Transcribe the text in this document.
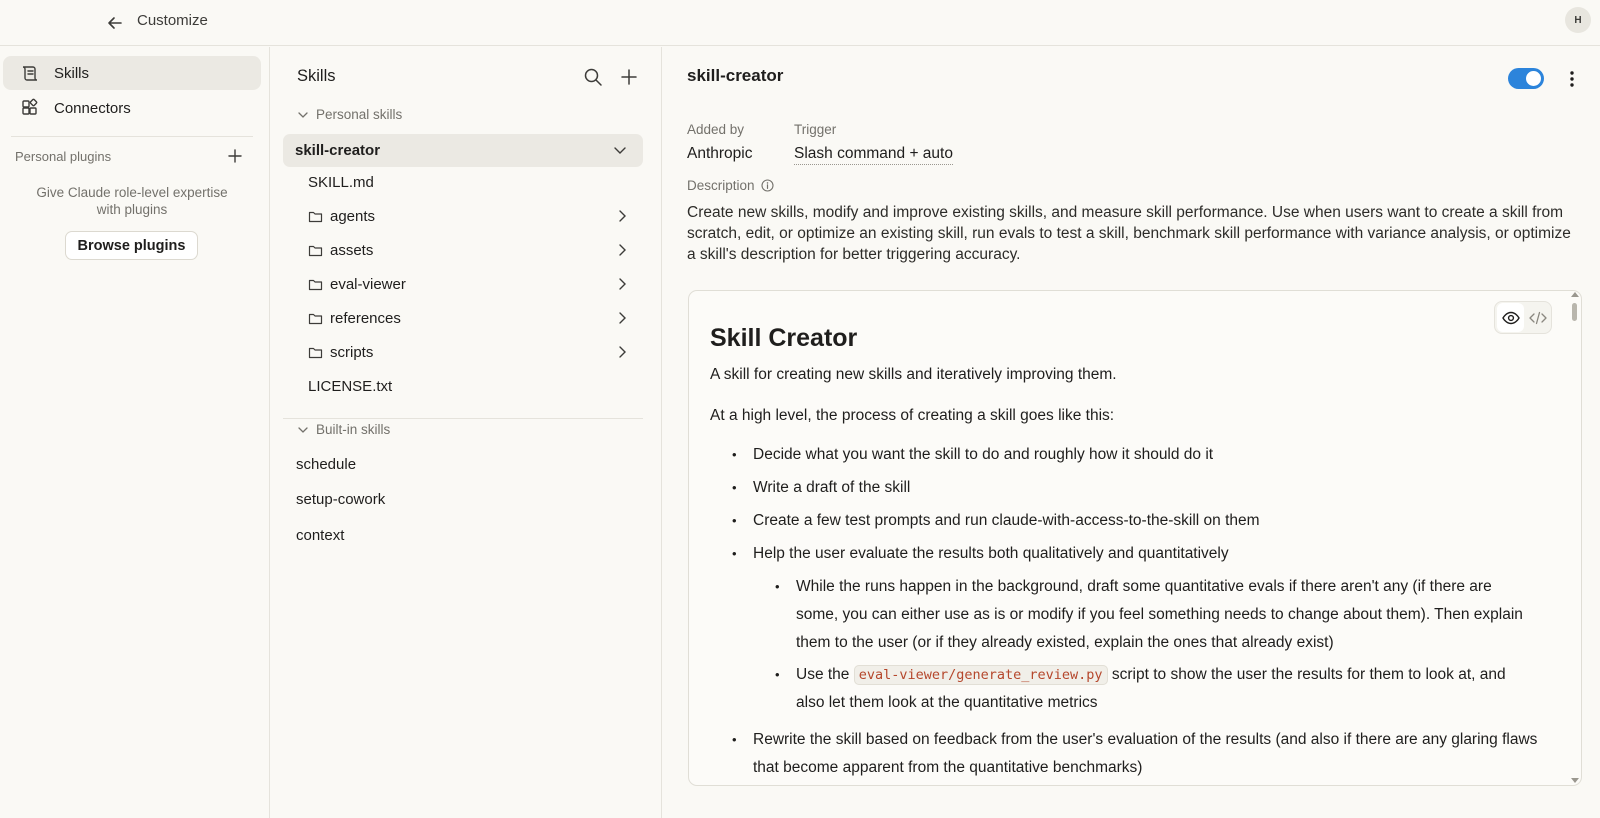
Customize	H
Skills
Connectors
Personal plugins
Give Claude role-level expertise with plugins
Browse plugins
Skills
Personal skills
skill-creator
SKILL.md
agents
assets
eval-viewer
references
scripts
LICENSE.txt
Built-in skills
schedule
setup-cowork
context
skill-creator
Added by
Anthropic
Trigger
Slash command + auto
Description
Create new skills, modify and improve existing skills, and measure skill performance. Use when users want to create a skill from scratch, edit, or optimize an existing skill, run evals to test a skill, benchmark skill performance with variance analysis, or optimize a skill's description for better triggering accuracy.
Skill Creator
A skill for creating new skills and iteratively improving them.
At a high level, the process of creating a skill goes like this:
• Decide what you want the skill to do and roughly how it should do it
• Write a draft of the skill
• Create a few test prompts and run claude-with-access-to-the-skill on them
• Help the user evaluate the results both qualitatively and quantitatively
• While the runs happen in the background, draft some quantitative evals if there aren't any (if there are some, you can either use as is or modify if you feel something needs to change about them). Then explain them to the user (or if they already existed, explain the ones that already exist)
• Use the eval-viewer/generate_review.py script to show the user the results for them to look at, and also let them look at the quantitative metrics
• Rewrite the skill based on feedback from the user's evaluation of the results (and also if there are any glaring flaws that become apparent from the quantitative benchmarks)
